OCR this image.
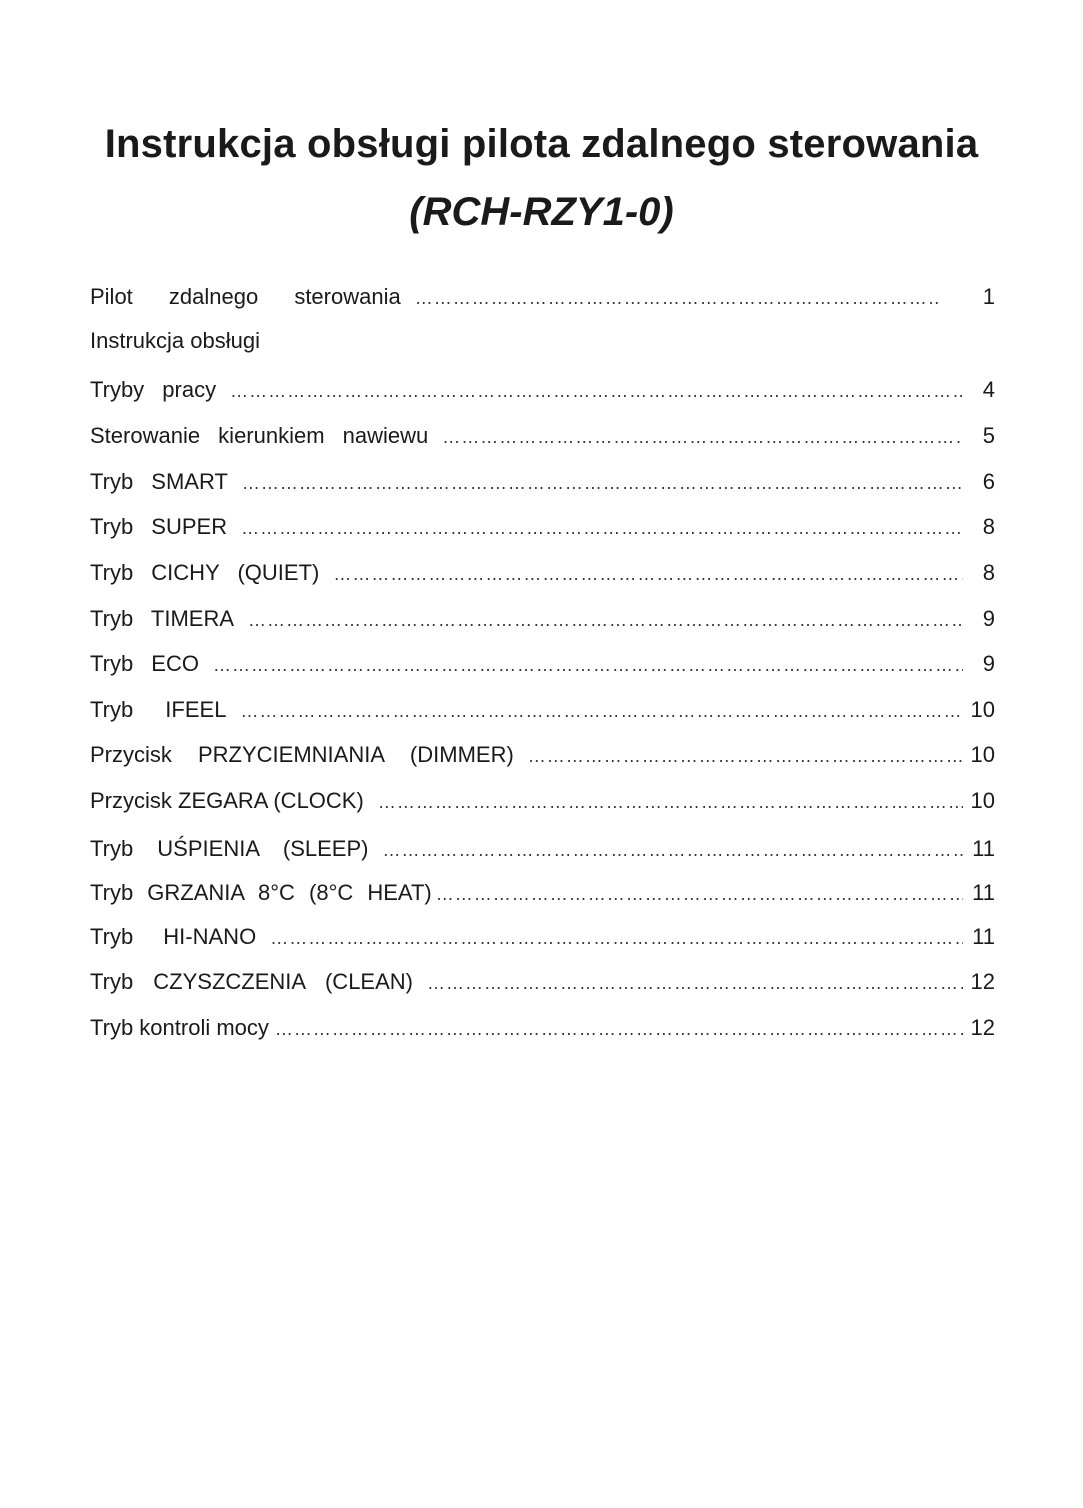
Instrukcja obsługi pilota zdalnego sterowania
(RCH-RZY1-0)
Pilot zdalnego sterowania ……………………………………………………………………………………………………………………………………………………………………………………………………………………	1
Instrukcja obsługi
Tryby pracy ……………………………………………………………………………………………………………………………………………………………………………………………………………………	4
Sterowanie kierunkiem nawiewu ……………………………………………………………………………………………………………………………………………………………………………………………………………………	5
Tryb SMART ……………………………………………………………………………………………………………………………………………………………………………………………………………………	6
Tryb SUPER ……………………………………………………………………………………………………………………………………………………………………………………………………………………	8
Tryb CICHY (QUIET) ……………………………………………………………………………………………………………………………………………………………………………………………………………………	8
Tryb TIMERA ……………………………………………………………………………………………………………………………………………………………………………………………………………………	9
Tryb ECO ……………………………………………………………………………………………………………………………………………………………………………………………………………………	9
Tryb IFEEL ……………………………………………………………………………………………………………………………………………………………………………………………………………………	10
Przycisk PRZYCIEMNIANIA (DIMMER) ……………………………………………………………………………………………………………………………………………………………………………………………………………………	10
Przycisk ZEGARA (CLOCK) ……………………………………………………………………………………………………………………………………………………………………………………………………………………	10
Tryb UŚPIENIA (SLEEP) ……………………………………………………………………………………………………………………………………………………………………………………………………………………	11
Tryb GRZANIA 8°C (8°C HEAT) ……………………………………………………………………………………………………………………………………………………………………………………………………………………	11
Tryb HI-NANO ……………………………………………………………………………………………………………………………………………………………………………………………………………………	11
Tryb CZYSZCZENIA (CLEAN) ……………………………………………………………………………………………………………………………………………………………………………………………………………………	12
Tryb kontroli mocy ……………………………………………………………………………………………………………………………………………………………………………………………………………………	12
